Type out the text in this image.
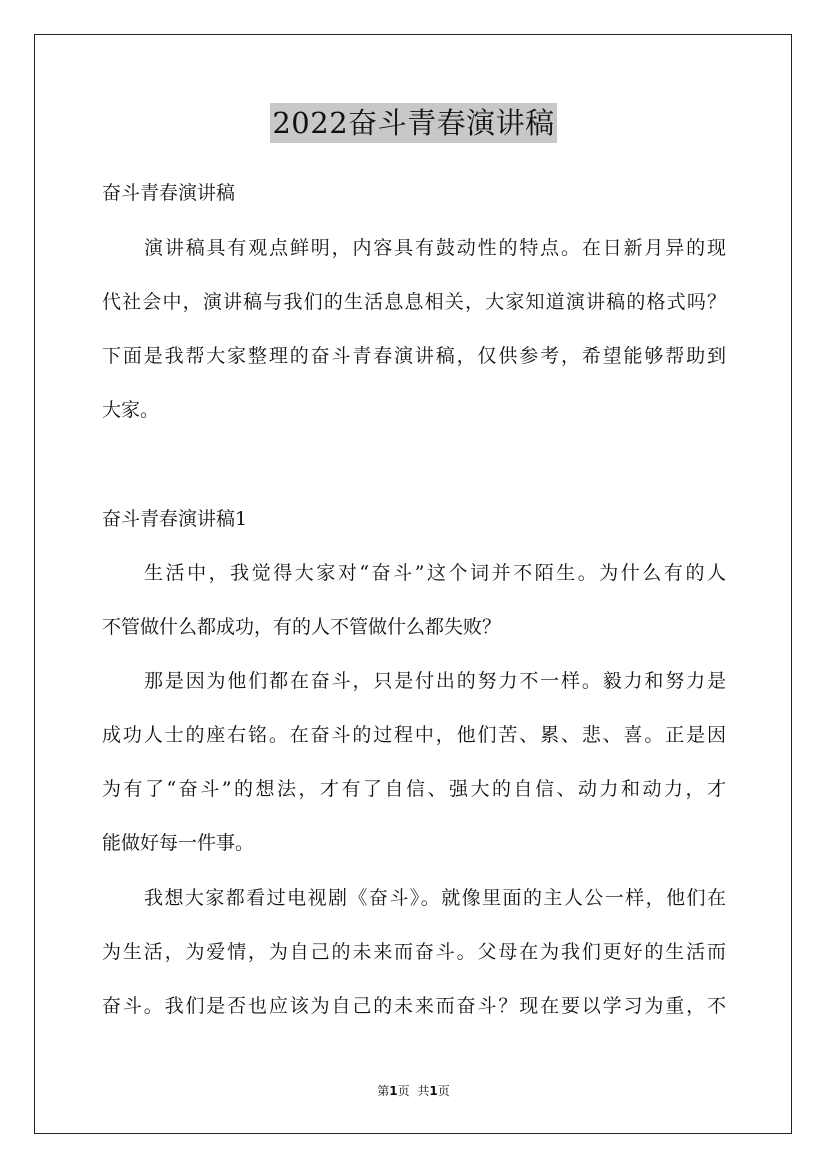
2022奋斗青春演讲稿
奋斗青春演讲稿
演讲稿具有观点鲜明，内容具有鼓动性的特点。在日新月异的现
代社会中，演讲稿与我们的生活息息相关，大家知道演讲稿的格式吗？
下面是我帮大家整理的奋斗青春演讲稿，仅供参考，希望能够帮助到
大家。
奋斗青春演讲稿1
生活中，我觉得大家对“奋斗”这个词并不陌生。为什么有的人
不管做什么都成功，有的人不管做什么都失败？
那是因为他们都在奋斗，只是付出的努力不一样。毅力和努力是
成功人士的座右铭。在奋斗的过程中，他们苦、累、悲、喜。正是因
为有了“奋斗”的想法，才有了自信、强大的自信、动力和动力，才
能做好每一件事。
我想大家都看过电视剧《奋斗》。就像里面的主人公一样，他们在
为生活，为爱情，为自己的未来而奋斗。父母在为我们更好的生活而
奋斗。我们是否也应该为自己的未来而奋斗？现在要以学习为重，不
第1页 共1页
